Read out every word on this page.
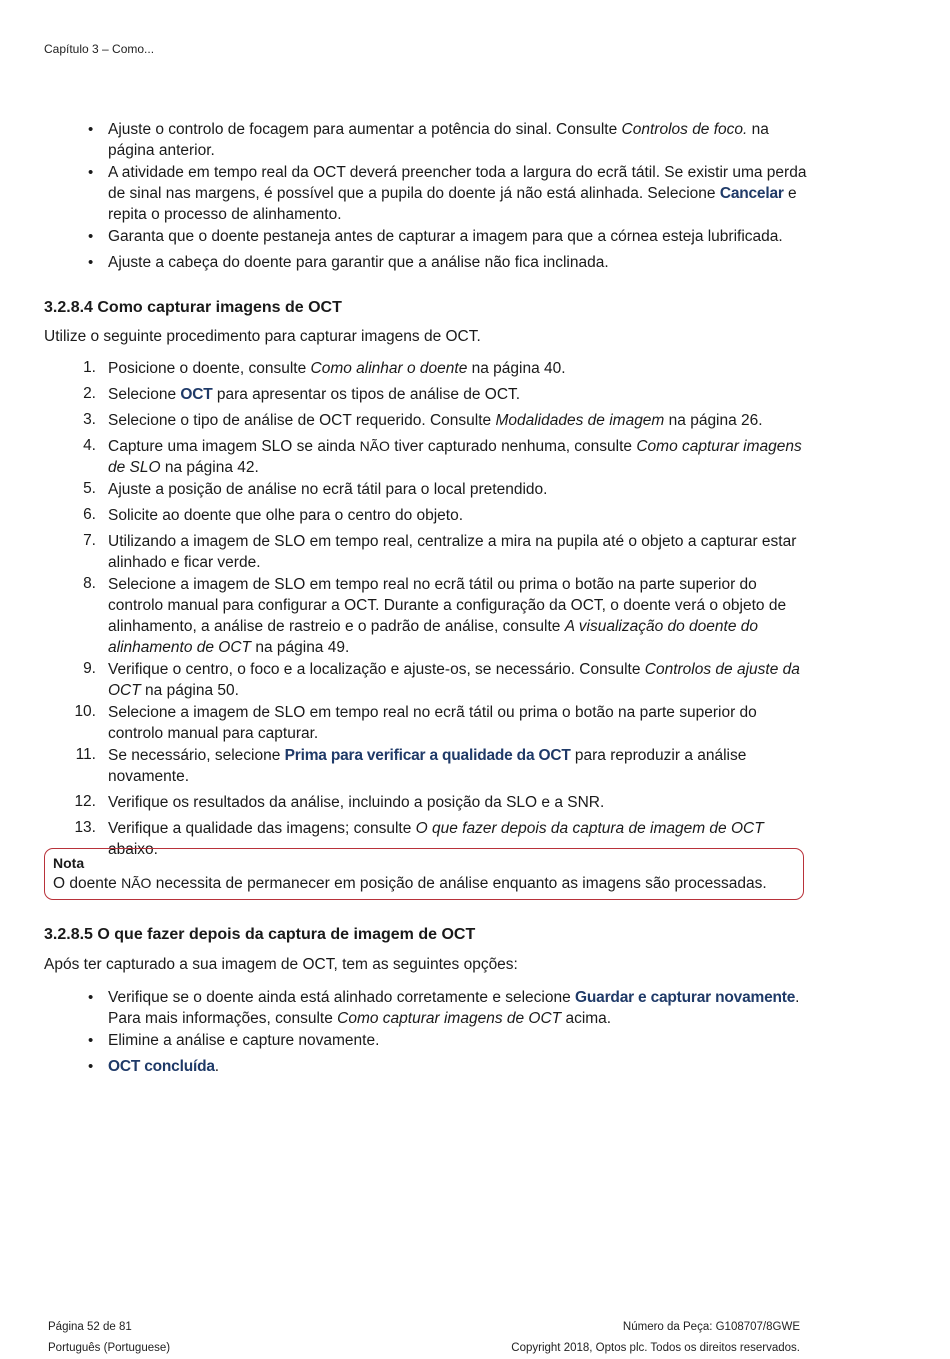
Capítulo 3 – Como...
• Ajuste o controlo de focagem para aumentar a potência do sinal. Consulte Controlos de foco. na página anterior.
• A atividade em tempo real da OCT deverá preencher toda a largura do ecrã tátil. Se existir uma perda de sinal nas margens, é possível que a pupila do doente já não está alinhada. Selecione Cancelar e repita o processo de alinhamento.
• Garanta que o doente pestaneja antes de capturar a imagem para que a córnea esteja lubrificada.
• Ajuste a cabeça do doente para garantir que a análise não fica inclinada.
3.2.8.4 Como capturar imagens de OCT
Utilize o seguinte procedimento para capturar imagens de OCT.
1. Posicione o doente, consulte Como alinhar o doente na página 40.
2. Selecione OCT para apresentar os tipos de análise de OCT.
3. Selecione o tipo de análise de OCT requerido. Consulte Modalidades de imagem na página 26.
4. Capture uma imagem SLO se ainda NÃO tiver capturado nenhuma, consulte Como capturar imagens de SLO na página 42.
5. Ajuste a posição de análise no ecrã tátil para o local pretendido.
6. Solicite ao doente que olhe para o centro do objeto.
7. Utilizando a imagem de SLO em tempo real, centralize a mira na pupila até o objeto a capturar estar alinhado e ficar verde.
8. Selecione a imagem de SLO em tempo real no ecrã tátil ou prima o botão na parte superior do controlo manual para configurar a OCT. Durante a configuração da OCT, o doente verá o objeto de alinhamento, a análise de rastreio e o padrão de análise, consulte A visualização do doente do alinhamento de OCT na página 49.
9. Verifique o centro, o foco e a localização e ajuste-os, se necessário. Consulte Controlos de ajuste da OCT na página 50.
10. Selecione a imagem de SLO em tempo real no ecrã tátil ou prima o botão na parte superior do controlo manual para capturar.
11. Se necessário, selecione Prima para verificar a qualidade da OCT para reproduzir a análise novamente.
12. Verifique os resultados da análise, incluindo a posição da SLO e a SNR.
13. Verifique a qualidade das imagens; consulte O que fazer depois da captura de imagem de OCT abaixo.
Nota
O doente NÃO necessita de permanecer em posição de análise enquanto as imagens são processadas.
3.2.8.5 O que fazer depois da captura de imagem de OCT
Após ter capturado a sua imagem de OCT, tem as seguintes opções:
• Verifique se o doente ainda está alinhado corretamente e selecione Guardar e capturar novamente. Para mais informações, consulte Como capturar imagens de OCT acima.
• Elimine a análise e capture novamente.
• OCT concluída.
Página 52 de 81
Português (Portuguese)
Número da Peça: G108707/8GWE
Copyright 2018, Optos plc. Todos os direitos reservados.
